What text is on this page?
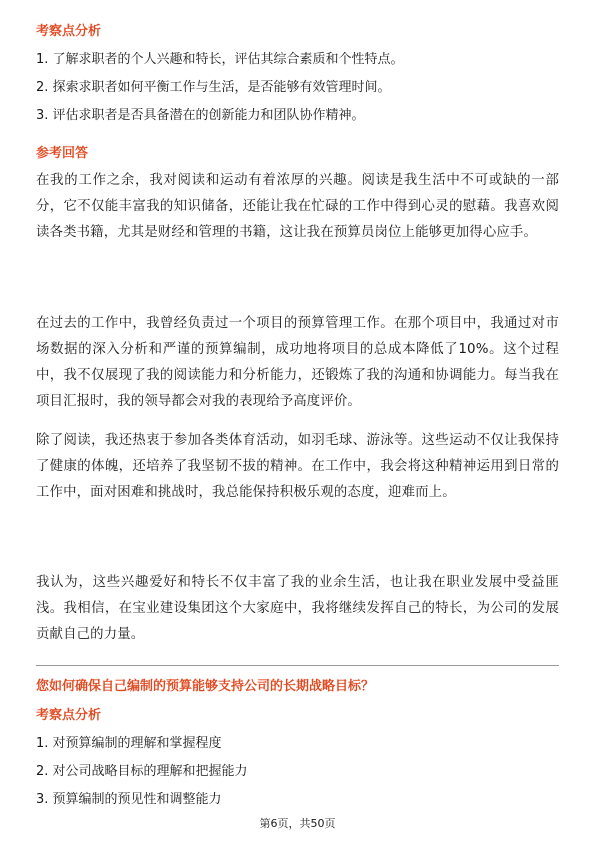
考察点分析

1. 了解求职者的个人兴趣和特长，评估其综合素质和个性特点。

2. 探索求职者如何平衡工作与生活，是否能够有效管理时间。

3. 评估求职者是否具备潜在的创新能力和团队协作精神。

参考回答

在我的工作之余，我对阅读和运动有着浓厚的兴趣。阅读是我生活中不可或缺的一部分，它不仅能丰富我的知识储备，还能让我在忙碌的工作中得到心灵的慰藉。我喜欢阅读各类书籍，尤其是财经和管理的书籍，这让我在预算员岗位上能够更加得心应手。

在过去的工作中，我曾经负责过一个项目的预算管理工作。在那个项目中，我通过对市场数据的深入分析和严谨的预算编制，成功地将项目的总成本降低了10%。这个过程中，我不仅展现了我的阅读能力和分析能力，还锻炼了我的沟通和协调能力。每当我在项目汇报时，我的领导都会对我的表现给予高度评价。

除了阅读，我还热衷于参加各类体育活动，如羽毛球、游泳等。这些运动不仅让我保持了健康的体魄，还培养了我坚韧不拔的精神。在工作中，我会将这种精神运用到日常的工作中，面对困难和挑战时，我总能保持积极乐观的态度，迎难而上。

我认为，这些兴趣爱好和特长不仅丰富了我的业余生活，也让我在职业发展中受益匪浅。我相信，在宝业建设集团这个大家庭中，我将继续发挥自己的特长，为公司的发展贡献自己的力量。

您如何确保自己编制的预算能够支持公司的长期战略目标？

考察点分析

1. 对预算编制的理解和掌握程度

2. 对公司战略目标的理解和把握能力

3. 预算编制的预见性和调整能力

第6页，共50页
